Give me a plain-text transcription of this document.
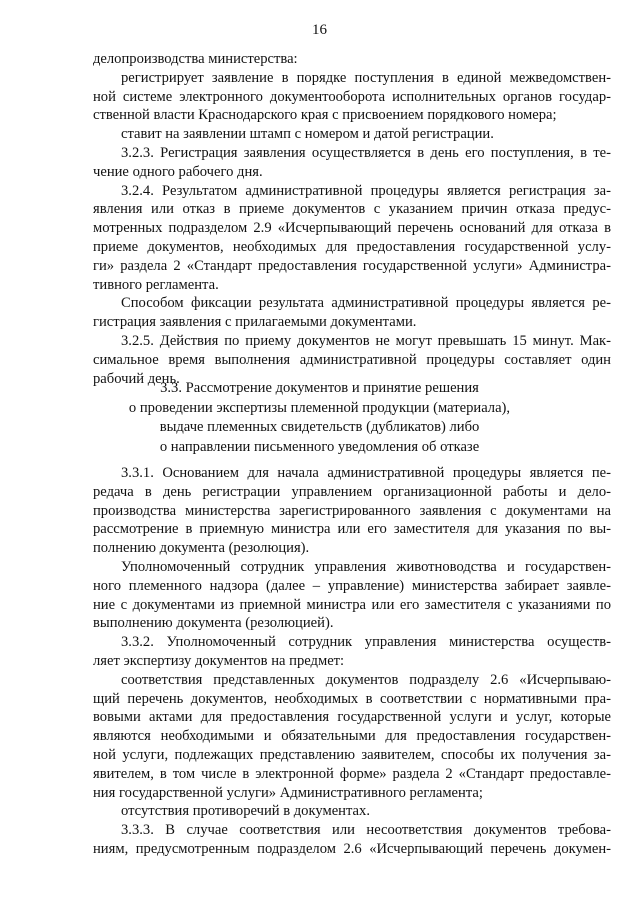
16
делопроизводства министерства:
регистрирует заявление в порядке поступления в единой межведомствен-
ной системе электронного документооборота исполнительных органов государ-
ственной власти Краснодарского края с присвоением порядкового номера;
ставит на заявлении штамп с номером и датой регистрации.
3.2.3. Регистрация заявления осуществляется в день его поступления, в те-
чение одного рабочего дня.
3.2.4. Результатом административной процедуры является регистрация за-
явления или отказ в приеме документов с указанием причин отказа предус-
мотренных подразделом 2.9 «Исчерпывающий перечень оснований для отказа в
приеме документов, необходимых для предоставления государственной услу-
ги» раздела 2 «Стандарт предоставления государственной услуги» Администра-
тивного регламента.
Способом фиксации результата административной процедуры является ре-
гистрация заявления с прилагаемыми документами.
3.2.5. Действия по приему документов не могут превышать 15 минут. Мак-
симальное время выполнения административной процедуры составляет один
рабочий день.
3.3. Рассмотрение документов и принятие решения
о проведении экспертизы племенной продукции (материала),
выдаче племенных свидетельств (дубликатов) либо
о направлении письменного уведомления об отказе
3.3.1. Основанием для начала административной процедуры является пе-
редача в день регистрации управлением организационной работы и дело-
производства министерства зарегистрированного заявления с документами на
рассмотрение в приемную министра или его заместителя для указания по вы-
полнению документа (резолюция).
Уполномоченный сотрудник управления животноводства и государствен-
ного племенного надзора (далее – управление) министерства забирает заявле-
ние с документами из приемной министра или его заместителя с указаниями по
выполнению документа (резолюцией).
3.3.2. Уполномоченный сотрудник управления министерства осуществ-
ляет экспертизу документов на предмет:
соответствия представленных документов подразделу 2.6 «Исчерпываю-
щий перечень документов, необходимых в соответствии с нормативными пра-
вовыми актами для предоставления государственной услуги и услуг, которые
являются необходимыми и обязательными для предоставления государствен-
ной услуги, подлежащих представлению заявителем, способы их получения за-
явителем, в том числе в электронной форме» раздела 2 «Стандарт предоставле-
ния государственной услуги» Административного регламента;
отсутствия противоречий в документах.
3.3.3. В случае соответствия или несоответствия документов требова-
ниям, предусмотренным подразделом 2.6 «Исчерпывающий перечень докумен-
